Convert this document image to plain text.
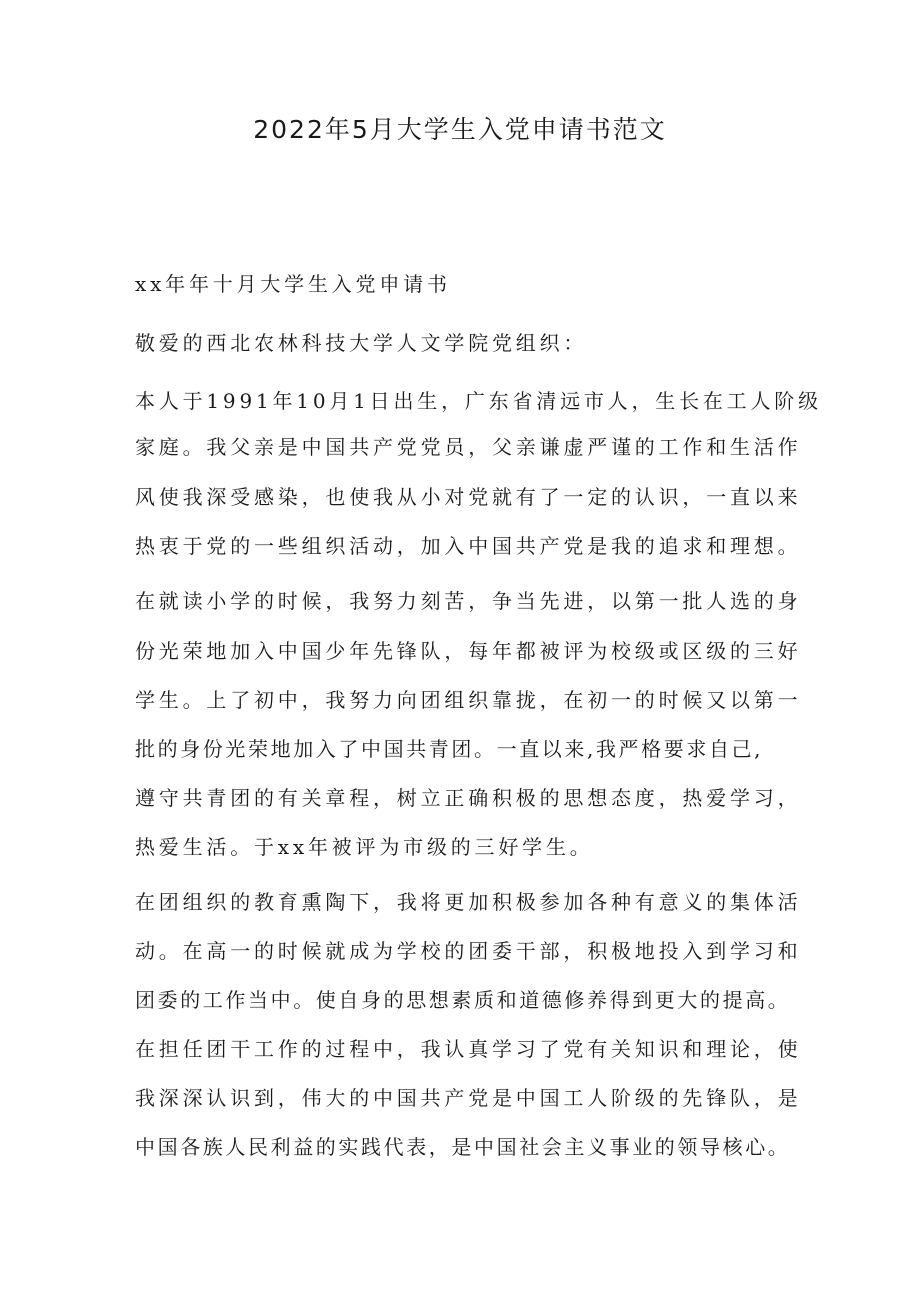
2022年5月大学生入党申请书范文
xx年年十月大学生入党申请书
敬爱的西北农林科技大学人文学院党组织：
本人于1991年10月1日出生，广东省清远市人，生长在工人阶级
家庭。我父亲是中国共产党党员，父亲谦虚严谨的工作和生活作
风使我深受感染，也使我从小对党就有了一定的认识，一直以来
热衷于党的一些组织活动，加入中国共产党是我的追求和理想。
在就读小学的时候，我努力刻苦，争当先进，以第一批人选的身
份光荣地加入中国少年先锋队，每年都被评为校级或区级的三好
学生。上了初中，我努力向团组织靠拢，在初一的时候又以第一
批的身份光荣地加入了中国共青团。一直以来,我严格要求自己,
遵守共青团的有关章程，树立正确积极的思想态度，热爱学习，
热爱生活。于xx年被评为市级的三好学生。
在团组织的教育熏陶下，我将更加积极参加各种有意义的集体活
动。在高一的时候就成为学校的团委干部，积极地投入到学习和
团委的工作当中。使自身的思想素质和道德修养得到更大的提高。
在担任团干工作的过程中，我认真学习了党有关知识和理论，使
我深深认识到，伟大的中国共产党是中国工人阶级的先锋队，是
中国各族人民利益的实践代表，是中国社会主义事业的领导核心。
